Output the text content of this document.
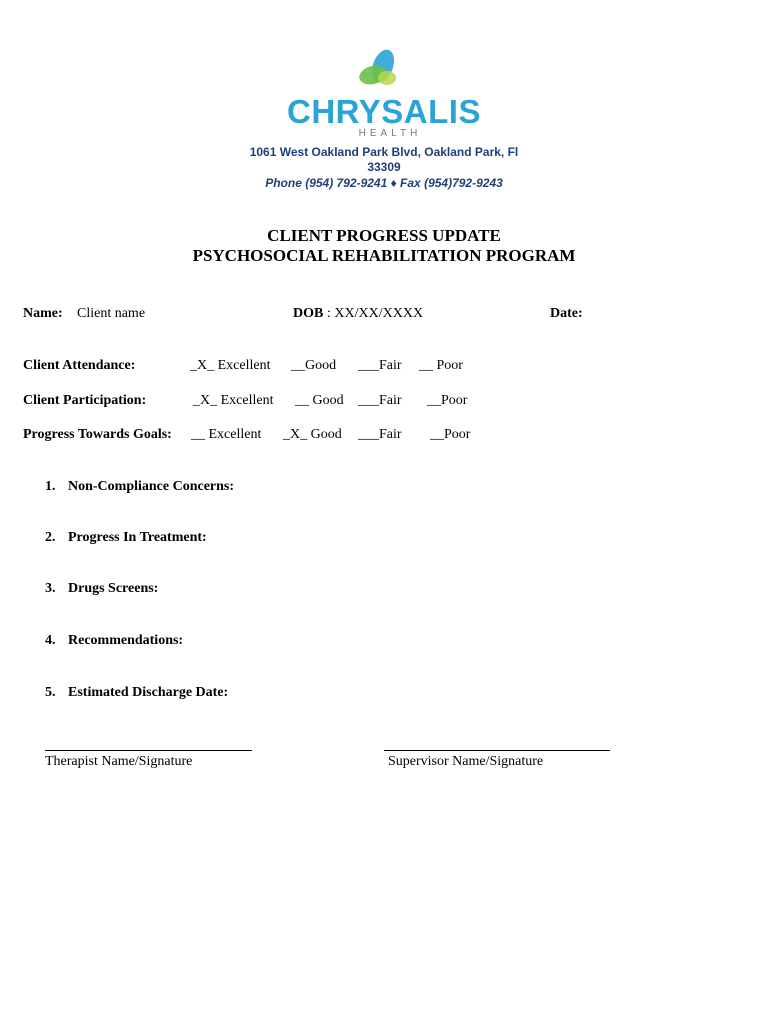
CHRYSALIS
HEALTH
1061 West Oakland Park Blvd, Oakland Park, Fl
33309
Phone (954) 792-9241 ♦ Fax (954)792-9243
CLIENT PROGRESS UPDATE
PSYCHOSOCIAL REHABILITATION PROGRAM
Name: Client name	DOB : XX/XX/XXXX	Date:
Client Attendance:	_X_ Excellent __Good ___Fair __ Poor
Client Participation:	_X_ Excellent __ Good ___Fair __Poor
Progress Towards Goals: __ Excellent _X_ Good ___Fair __Poor
1. Non-Compliance Concerns:
2. Progress In Treatment:
3. Drugs Screens:
4. Recommendations:
5. Estimated Discharge Date:
Therapist Name/Signature	Supervisor Name/Signature
